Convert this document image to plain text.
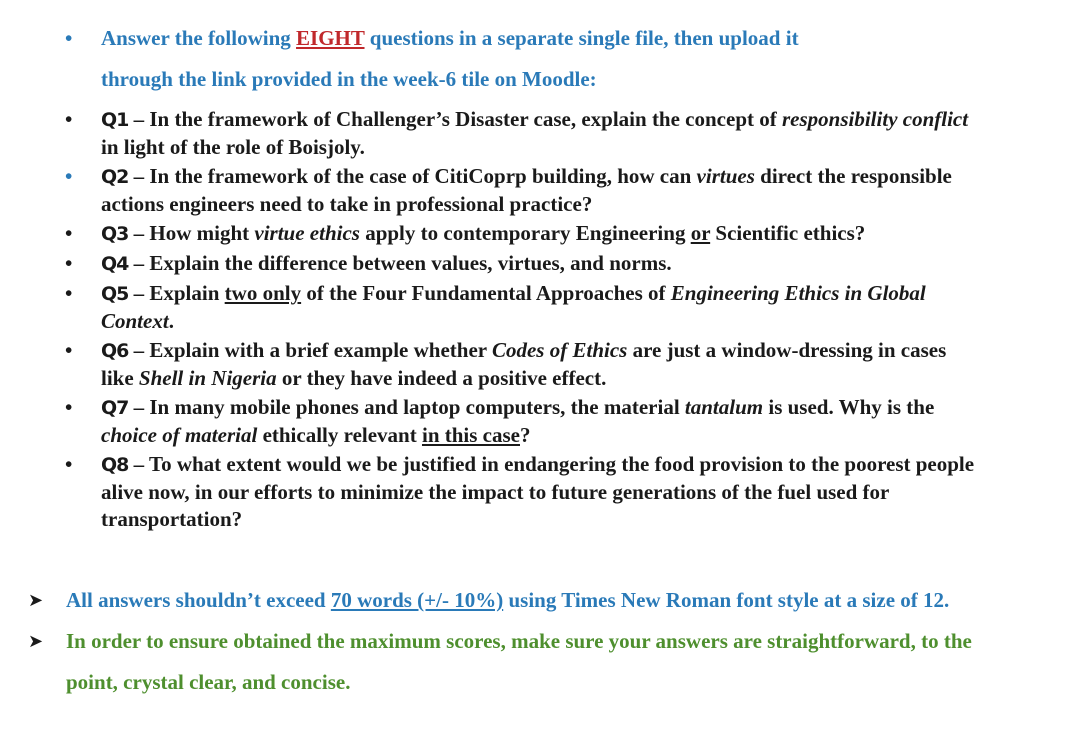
• Answer the following EIGHT questions in a separate single file, then upload it
through the link provided in the week-6 tile on Moodle:
• Q1 – In the framework of Challenger’s Disaster case, explain the concept of responsibility conflict in light of the role of Boisjoly.
• Q2 – In the framework of the case of CitiCoprp building, how can virtues direct the responsible actions engineers need to take in professional practice?
• Q3 – How might virtue ethics apply to contemporary Engineering or Scientific ethics?
• Q4 – Explain the difference between values, virtues, and norms.
• Q5 – Explain two only of the Four Fundamental Approaches of Engineering Ethics in Global Context.
• Q6 – Explain with a brief example whether Codes of Ethics are just a window-dressing in cases like Shell in Nigeria or they have indeed a positive effect.
• Q7 – In many mobile phones and laptop computers, the material tantalum is used. Why is the choice of material ethically relevant in this case?
• Q8 – To what extent would we be justified in endangering the food provision to the poorest people alive now, in our efforts to minimize the impact to future generations of the fuel used for transportation?
➤ All answers shouldn’t exceed 70 words (+/- 10%) using Times New Roman font style at a size of 12.
➤ In order to ensure obtained the maximum scores, make sure your answers are straightforward, to the point, crystal clear, and concise.
